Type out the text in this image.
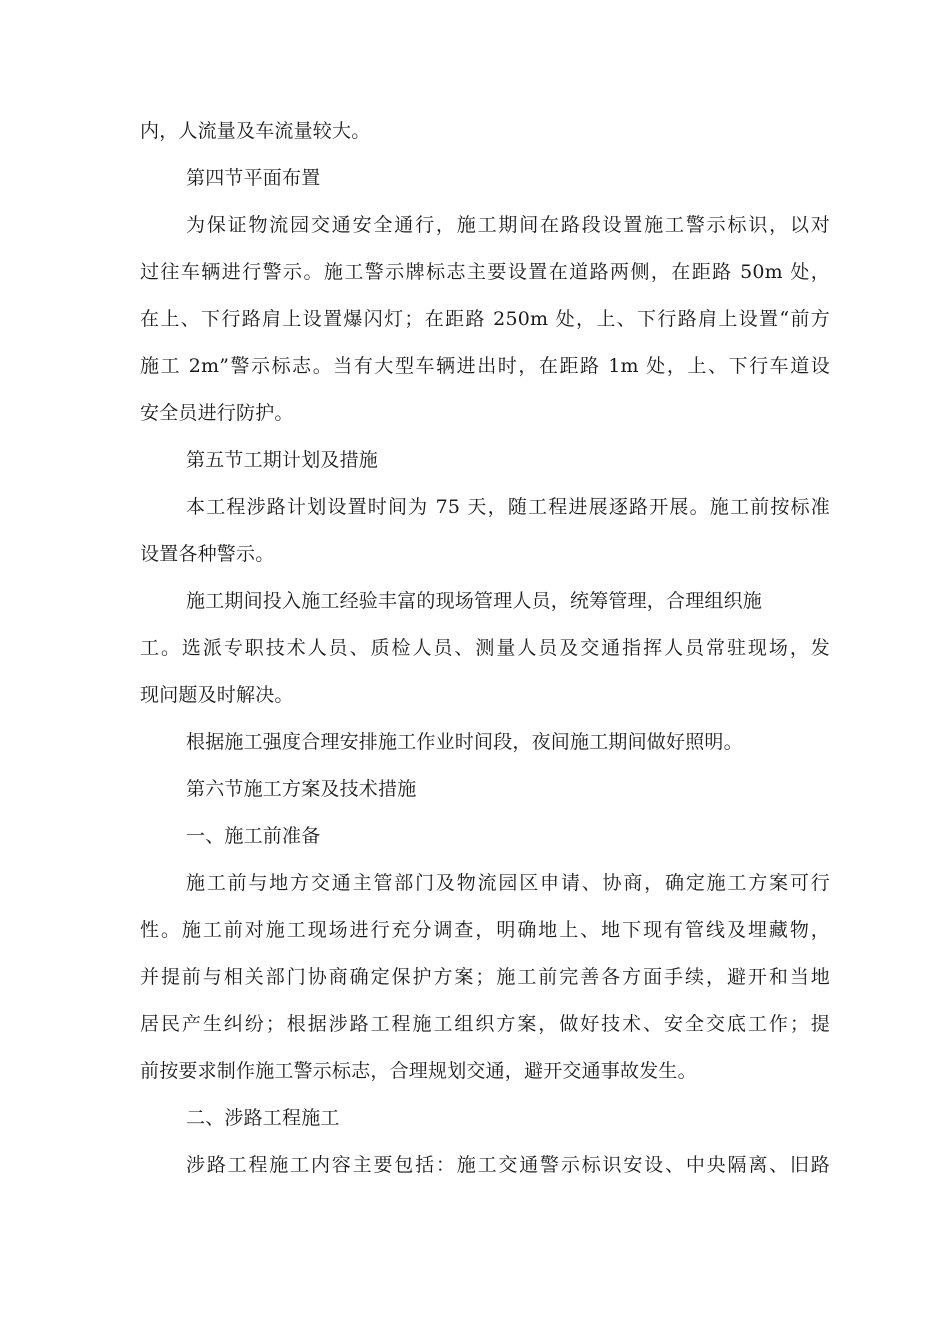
内，人流量及车流量较大。
第四节平面布置
为保证物流园交通安全通行，施工期间在路段设置施工警示标识，以对
过往车辆进行警示。施工警示牌标志主要设置在道路两侧，在距路 50m 处，
在上、下行路肩上设置爆闪灯；在距路 250m 处，上、下行路肩上设置“前方
施工 2m”警示标志。当有大型车辆进出时，在距路 1m 处，上、下行车道设
安全员进行防护。
第五节工期计划及措施
本工程涉路计划设置时间为 75 天，随工程进展逐路开展。施工前按标准
设置各种警示。
施工期间投入施工经验丰富的现场管理人员，统筹管理，合理组织施
工。选派专职技术人员、质检人员、测量人员及交通指挥人员常驻现场，发
现问题及时解决。
根据施工强度合理安排施工作业时间段，夜间施工期间做好照明。
第六节施工方案及技术措施
一、施工前准备
施工前与地方交通主管部门及物流园区申请、协商，确定施工方案可行
性。施工前对施工现场进行充分调查，明确地上、地下现有管线及埋藏物，
并提前与相关部门协商确定保护方案；施工前完善各方面手续，避开和当地
居民产生纠纷；根据涉路工程施工组织方案，做好技术、安全交底工作；提
前按要求制作施工警示标志，合理规划交通，避开交通事故发生。
二、涉路工程施工
涉路工程施工内容主要包括：施工交通警示标识安设、中央隔离、旧路
